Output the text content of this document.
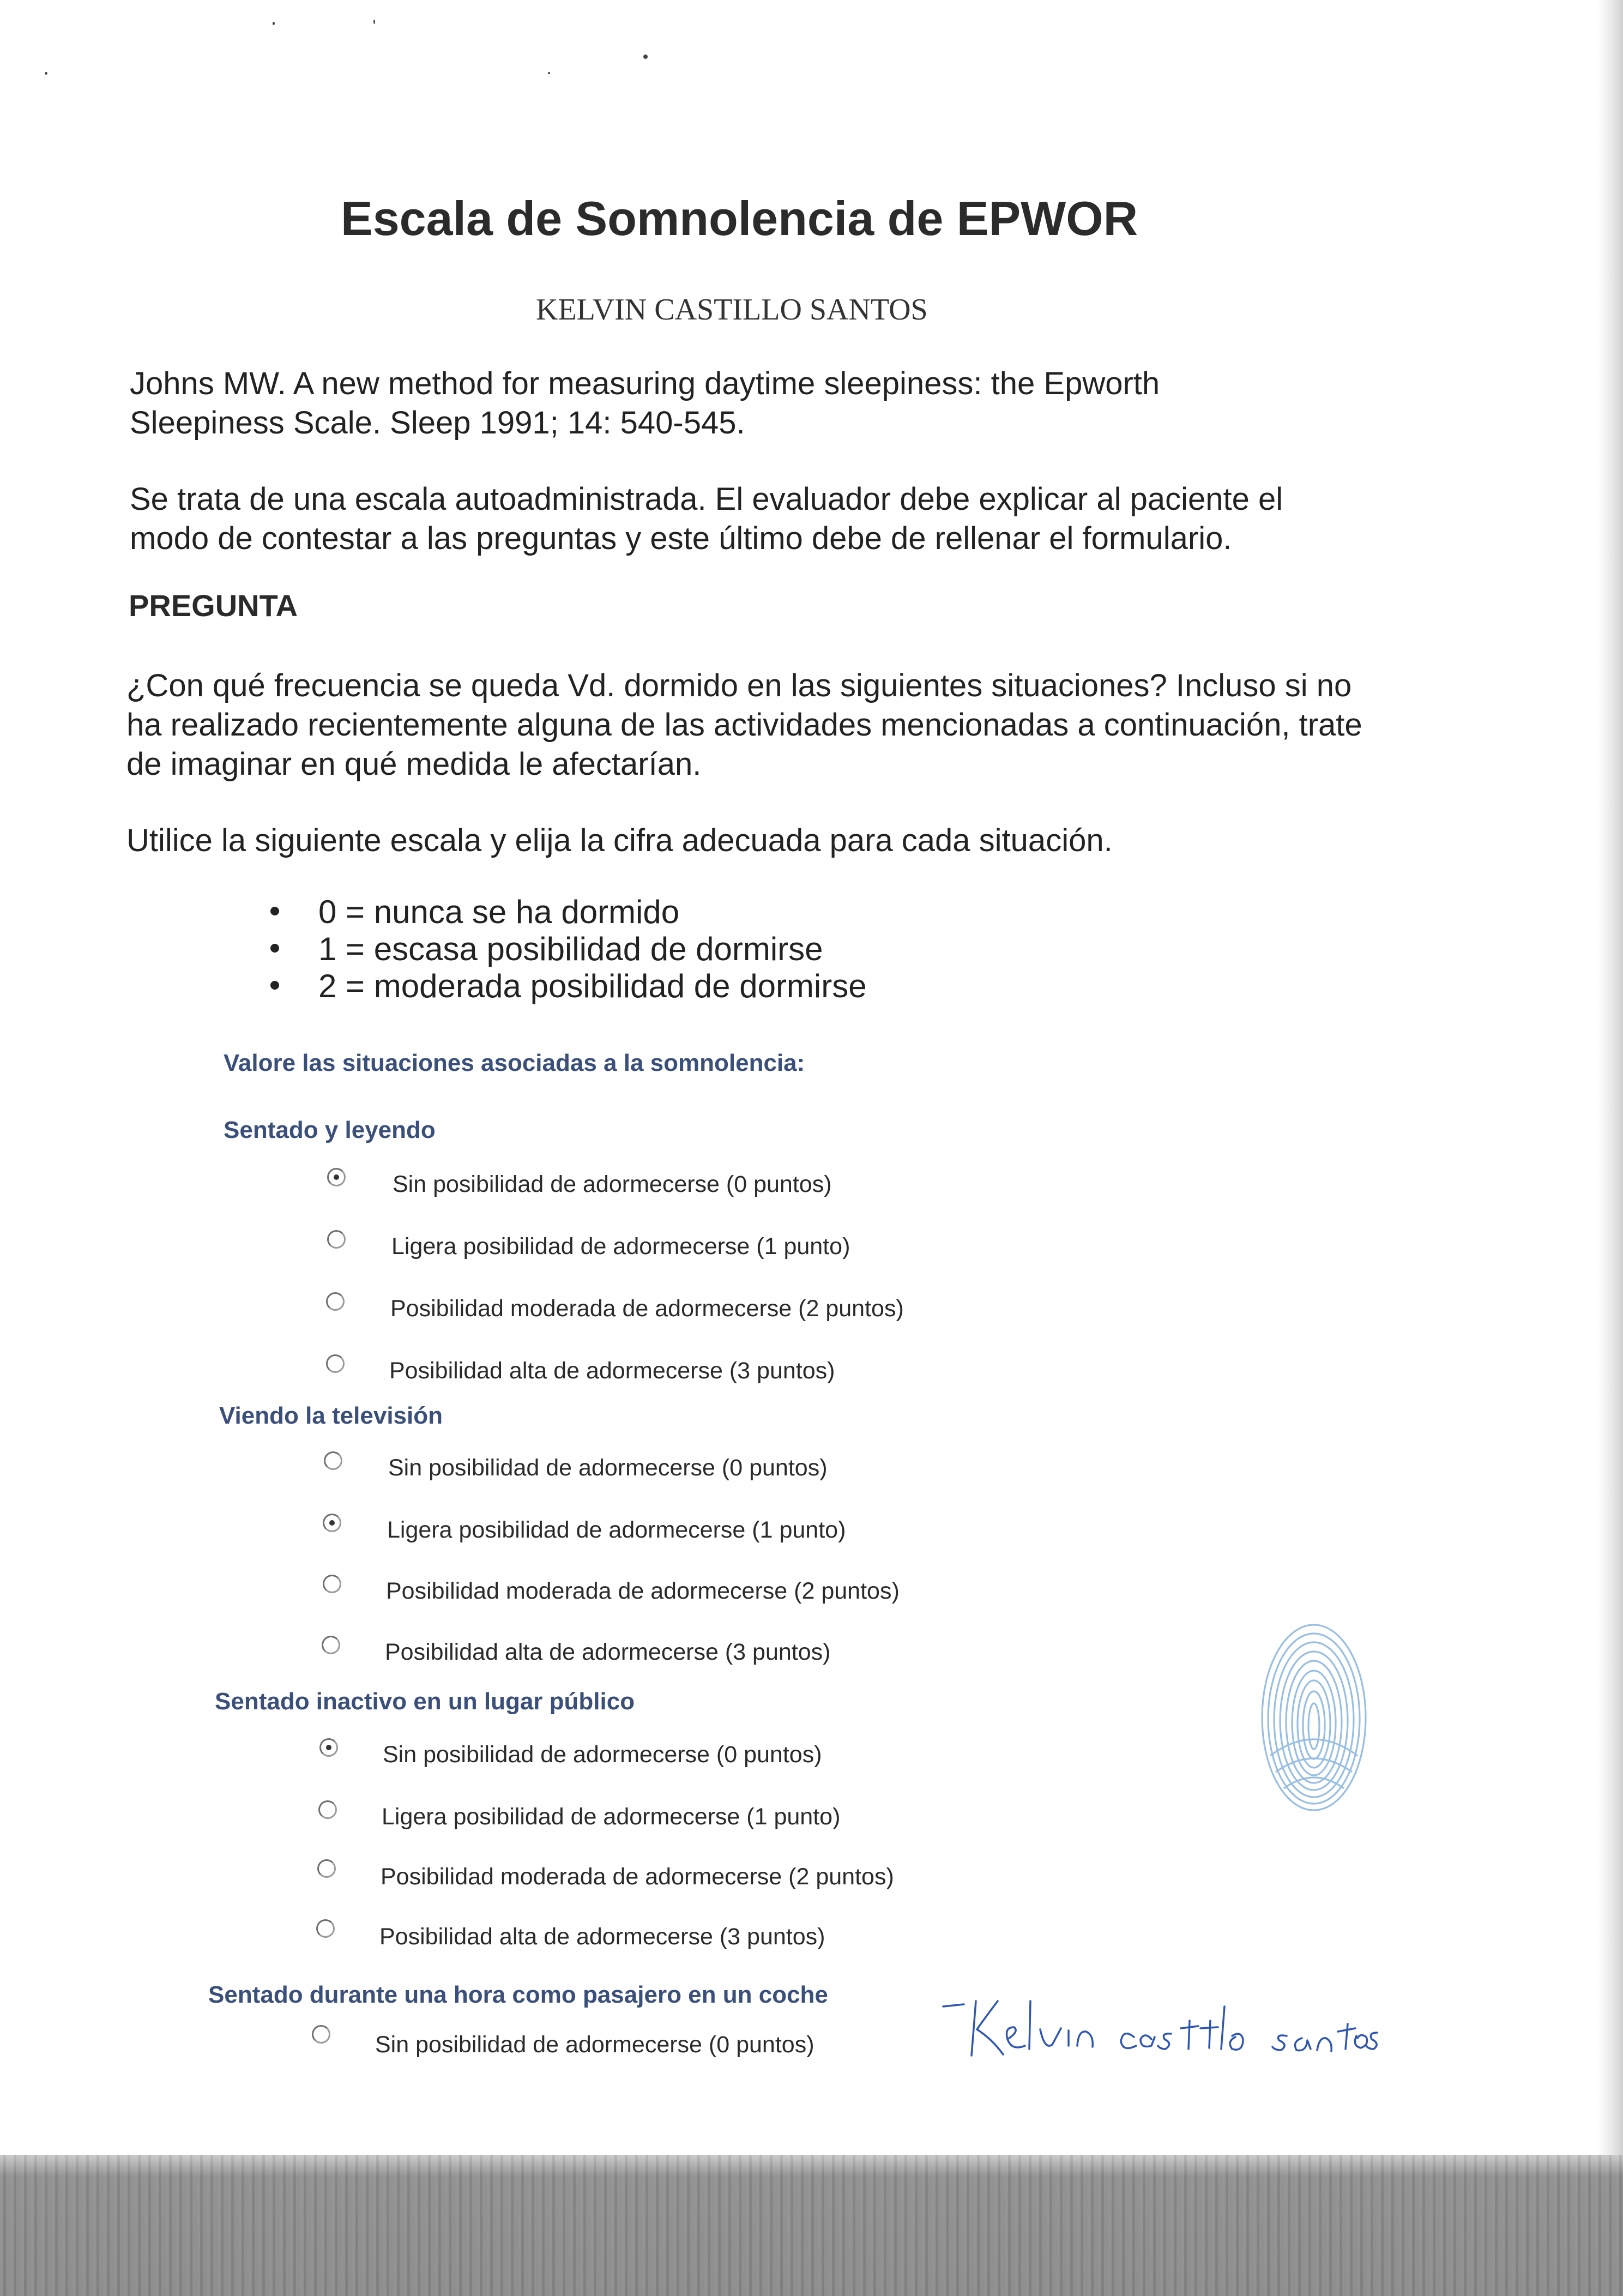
Escala de Somnolencia de EPWOR
KELVIN CASTILLO SANTOS
Johns MW. A new method for measuring daytime sleepiness: the Epworth Sleepiness Scale. Sleep 1991; 14: 540-545.
Se trata de una escala autoadministrada. El evaluador debe explicar al paciente el modo de contestar a las preguntas y este último debe de rellenar el formulario.
PREGUNTA
¿Con qué frecuencia se queda Vd. dormido en las siguientes situaciones? Incluso si no ha realizado recientemente alguna de las actividades mencionadas a continuación, trate de imaginar en qué medida le afectarían.
Utilice la siguiente escala y elija la cifra adecuada para cada situación.
0 = nunca se ha dormido
1 = escasa posibilidad de dormirse
2 = moderada posibilidad de dormirse
Valore las situaciones asociadas a la somnolencia:
Sentado y leyendo
Sin posibilidad de adormecerse (0 puntos)
Ligera posibilidad de adormecerse (1 punto)
Posibilidad moderada de adormecerse (2 puntos)
Posibilidad alta de adormecerse (3 puntos)
Viendo la televisión
Sin posibilidad de adormecerse (0 puntos)
Ligera posibilidad de adormecerse (1 punto)
Posibilidad moderada de adormecerse (2 puntos)
Posibilidad alta de adormecerse (3 puntos)
Sentado inactivo en un lugar público
Sin posibilidad de adormecerse (0 puntos)
Ligera posibilidad de adormecerse (1 punto)
Posibilidad moderada de adormecerse (2 puntos)
Posibilidad alta de adormecerse (3 puntos)
Sentado durante una hora como pasajero en un coche
Sin posibilidad de adormecerse (0 puntos)
